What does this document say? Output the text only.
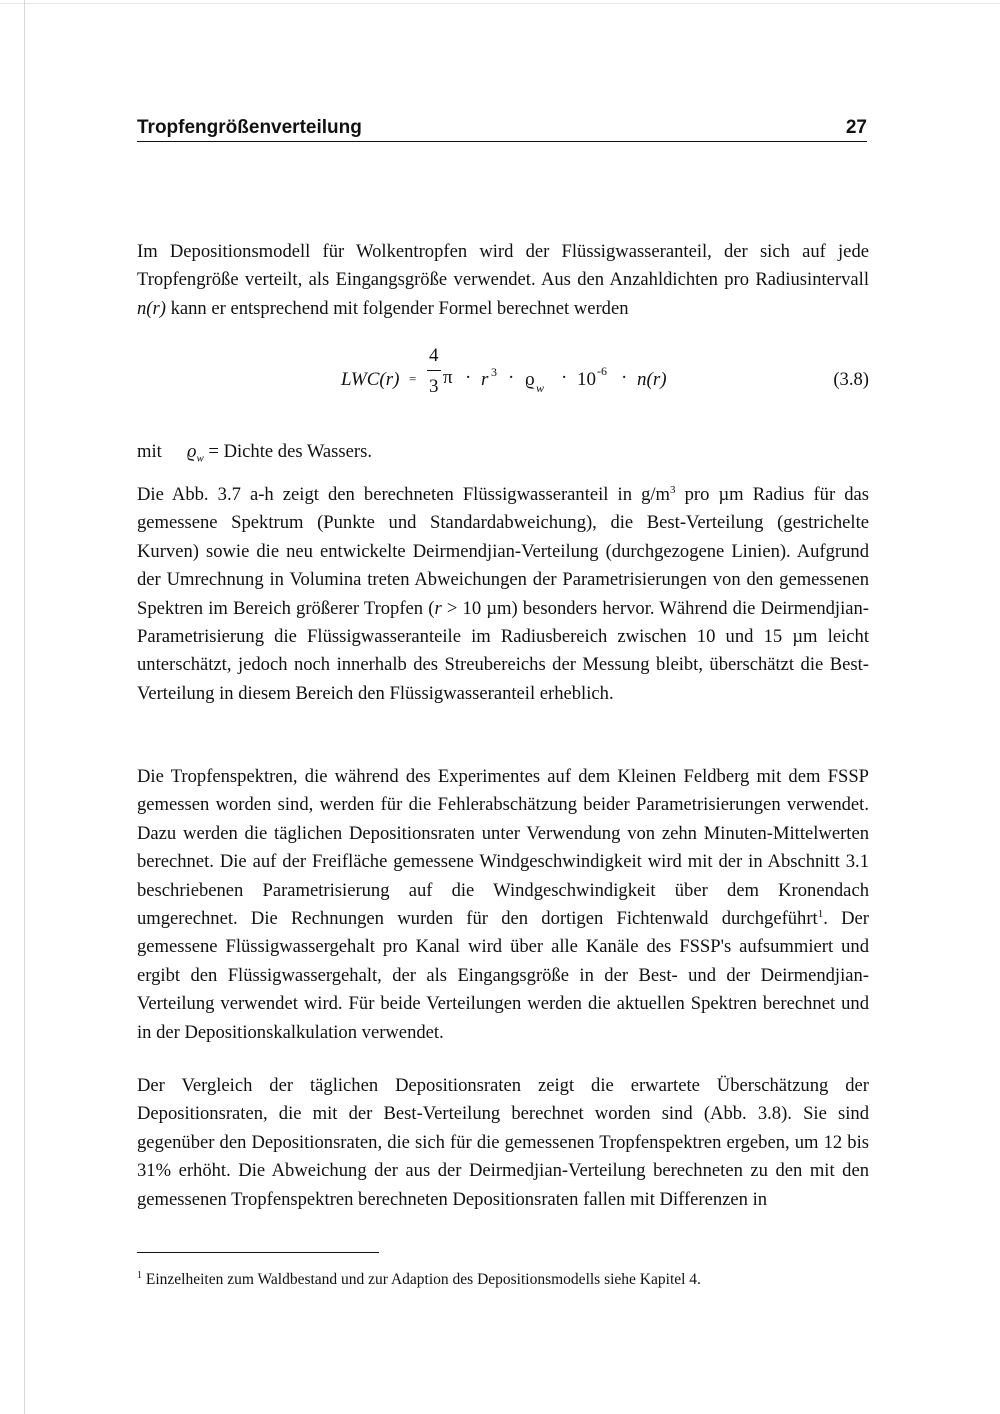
Tropfengrößenverteilung	27

Im Depositionsmodell für Wolkentropfen wird der Flüssigwasseranteil, der sich auf jede Tropfengröße verteilt, als Eingangsgröße verwendet. Aus den Anzahldichten pro Radiusintervall n(r) kann er entsprechend mit folgender Formel berechnet werden

LWC(r) =
4
3 π · r 3 · ϱ w · 10 -6 · n(r)	(3.8)
mit $ϱ_w$ = Dichte des Wassers.

Die Abb. 3.7 a-h zeigt den berechneten Flüssigwasseranteil in $g/m^3$ pro µm Radius für das gemessene Spektrum (Punkte und Standardabweichung), die Best-Verteilung (gestrichelte Kurven) sowie die neu entwickelte Deirmendjian-Verteilung (durchgezogene Linien). Aufgrund der Umrechnung in Volumina treten Abweichungen der Parametrisierungen von den gemessenen Spektren im Bereich größerer Tropfen (r > 10 µm) besonders hervor. Während die Deirmendjian-Parametrisierung die Flüssigwasseranteile im Radiusbereich zwischen 10 und 15 µm leicht unterschätzt, jedoch noch innerhalb des Streubereichs der Messung bleibt, überschätzt die Best-Verteilung in diesem Bereich den Flüssigwasseranteil erheblich.

Die Tropfenspektren, die während des Experimentes auf dem Kleinen Feldberg mit dem FSSP gemessen worden sind, werden für die Fehlerabschätzung beider Parametrisierungen verwendet. Dazu werden die täglichen Depositionsraten unter Verwendung von zehn Minuten-Mittelwerten berechnet. Die auf der Freifläche gemessene Windgeschwindigkeit wird mit der in Abschnitt 3.1 beschriebenen Parametrisierung auf die Windgeschwindigkeit über dem Kronendach umgerechnet. Die Rechnungen wurden für den dortigen Fichtenwald durchgeführt$^1$. Der gemessene Flüssigwassergehalt pro Kanal wird über alle Kanäle des FSSP's aufsummiert und ergibt den Flüssigwassergehalt, der als Eingangsgröße in der Best- und der Deirmendjian-Verteilung verwendet wird. Für beide Verteilungen werden die aktuellen Spektren berechnet und in der Depositionskalkulation verwendet.

Der Vergleich der täglichen Depositionsraten zeigt die erwartete Überschätzung der Depositionsraten, die mit der Best-Verteilung berechnet worden sind (Abb. 3.8). Sie sind gegenüber den Depositionsraten, die sich für die gemessenen Tropfenspektren ergeben, um 12 bis 31% erhöht. Die Abweichung der aus der Deirmedjian-Verteilung berechneten zu den mit den gemessenen Tropfenspektren berechneten Depositionsraten fallen mit Differenzen in

$^1$ Einzelheiten zum Waldbestand und zur Adaption des Depositionsmodells siehe Kapitel 4.
